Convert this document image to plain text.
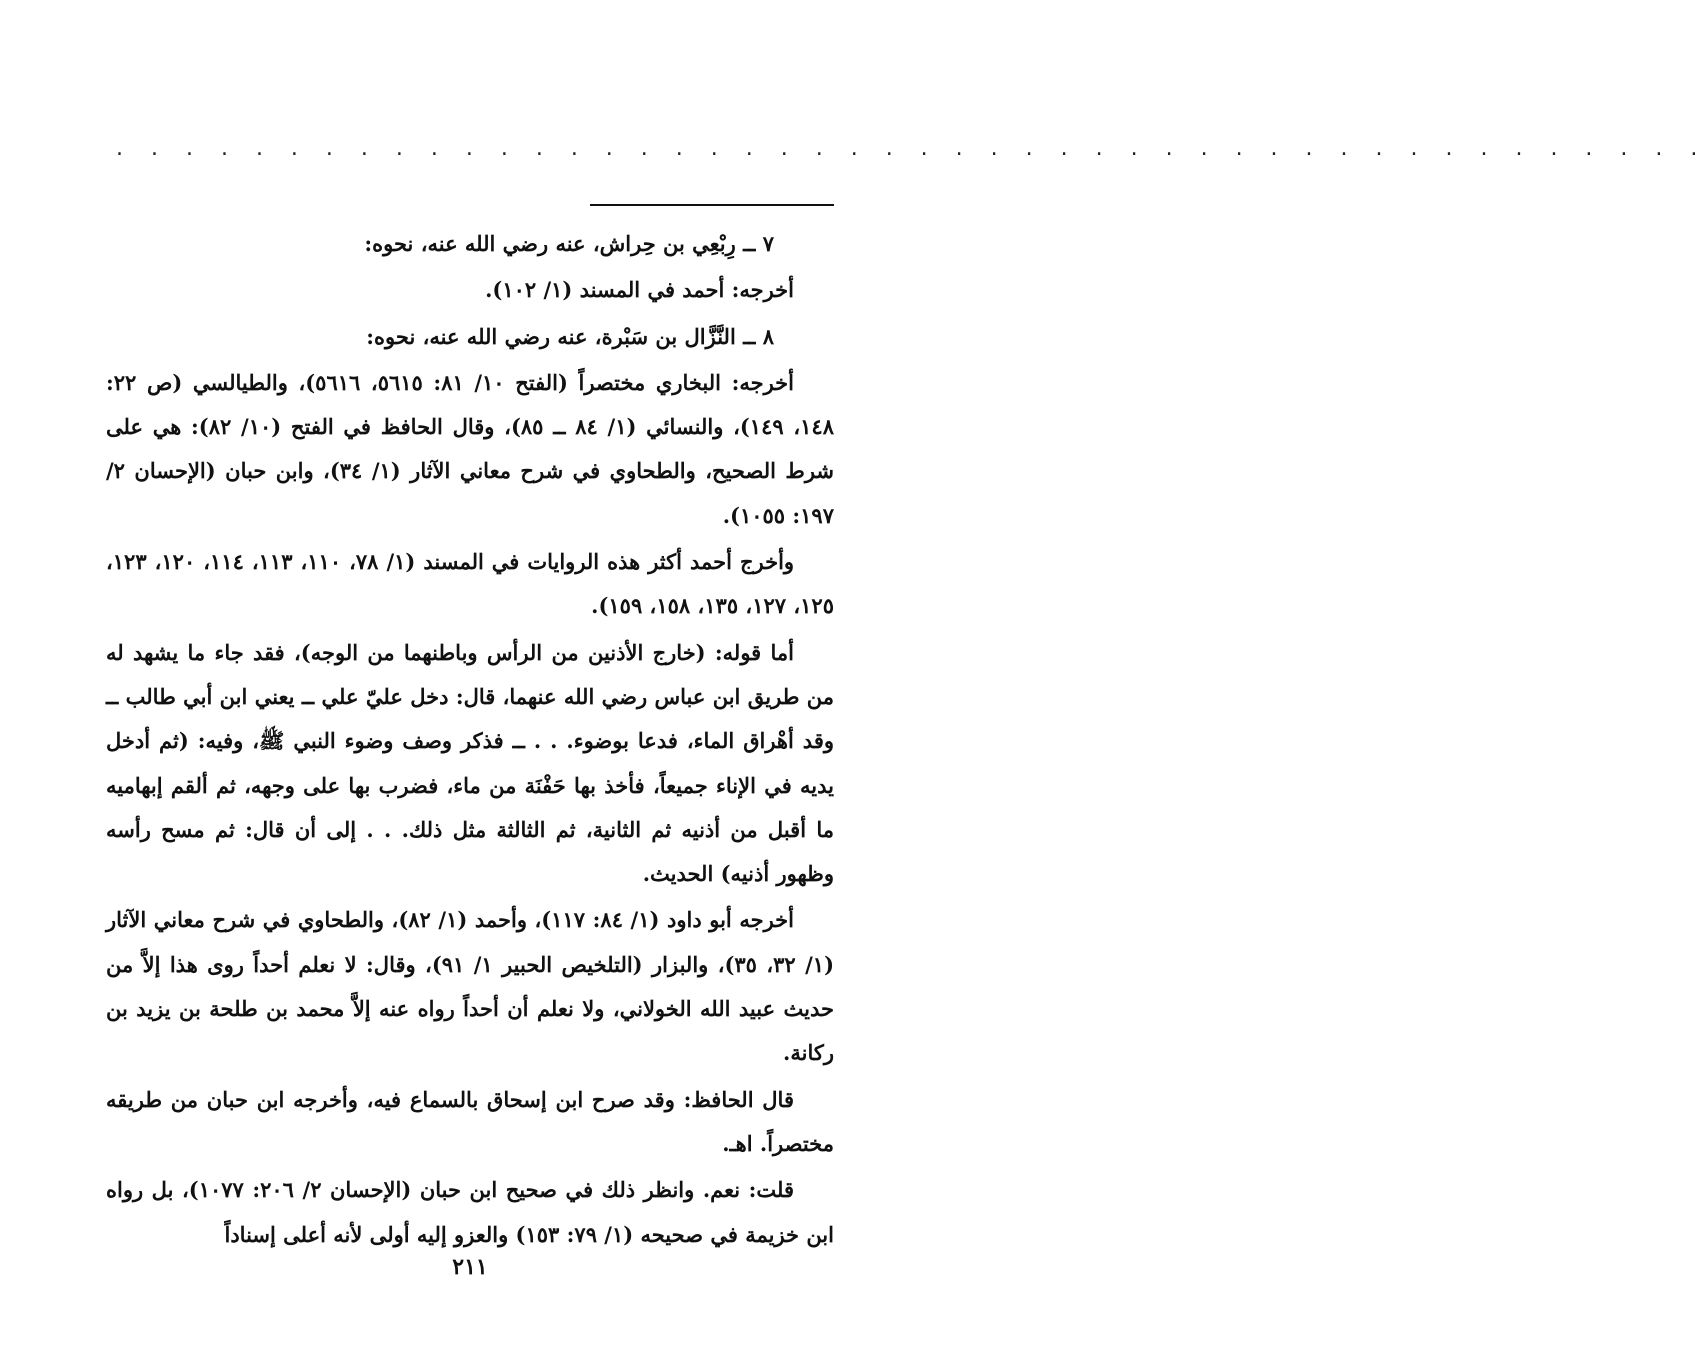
. . . . . . . . . . . . . . . . . . . . . . . . . . . . . . . . . . . . . . . . . . . . . .

٧ ــ رِبْعِي بن حِراش، عنه رضي الله عنه، نحوه:

أخرجه: أحمد في المسند (١/ ١٠٢).

٨ ــ النَّزَّال بن سَبْرة، عنه رضي الله عنه، نحوه:

أخرجه: البخاري مختصراً (الفتح ١٠/ ٨١: ٥٦١٥، ٥٦١٦)، والطيالسي (ص ٢٢: ١٤٨، ١٤٩)، والنسائي (١/ ٨٤ ــ ٨٥)، وقال الحافظ في الفتح (١٠/ ٨٢): هي على شرط الصحيح، والطحاوي في شرح معاني الآثار (١/ ٣٤)، وابن حبان (الإحسان ٢/ ١٩٧: ١٠٥٥).

وأخرج أحمد أكثر هذه الروايات في المسند (١/ ٧٨، ١١٠، ١١٣، ١١٤، ١٢٠، ١٢٣، ١٢٥، ١٢٧، ١٣٥، ١٥٨، ١٥٩).

أما قوله: (خارج الأذنين من الرأس وباطنهما من الوجه)، فقد جاء ما يشهد له من طريق ابن عباس رضي الله عنهما، قال: دخل عليّ علي ــ يعني ابن أبي طالب ــ وقد أهْراق الماء، فدعا بوضوء. . . ــ فذكر وصف وضوء النبي ﷺ، وفيه: (ثم أدخل يديه في الإناء جميعاً، فأخذ بها حَفْنَة من ماء، فضرب بها على وجهه، ثم ألقم إبهاميه ما أقبل من أذنيه ثم الثانية، ثم الثالثة مثل ذلك. . . إلى أن قال: ثم مسح رأسه وظهور أذنيه) الحديث.

أخرجه أبو داود (١/ ٨٤: ١١٧)، وأحمد (١/ ٨٢)، والطحاوي في شرح معاني الآثار (١/ ٣٢، ٣٥)، والبزار (التلخيص الحبير ١/ ٩١)، وقال: لا نعلم أحداً روى هذا إلاَّ من حديث عبيد الله الخولاني، ولا نعلم أن أحداً رواه عنه إلاَّ محمد بن طلحة بن يزيد بن ركانة.

قال الحافظ: وقد صرح ابن إسحاق بالسماع فيه، وأخرجه ابن حبان من طريقه مختصراً. اهـ.

قلت: نعم. وانظر ذلك في صحيح ابن حبان (الإحسان ٢/ ٢٠٦: ١٠٧٧)، بل رواه ابن خزيمة في صحيحه (١/ ٧٩: ١٥٣) والعزو إليه أولى لأنه أعلى إسناداً

٢١١
